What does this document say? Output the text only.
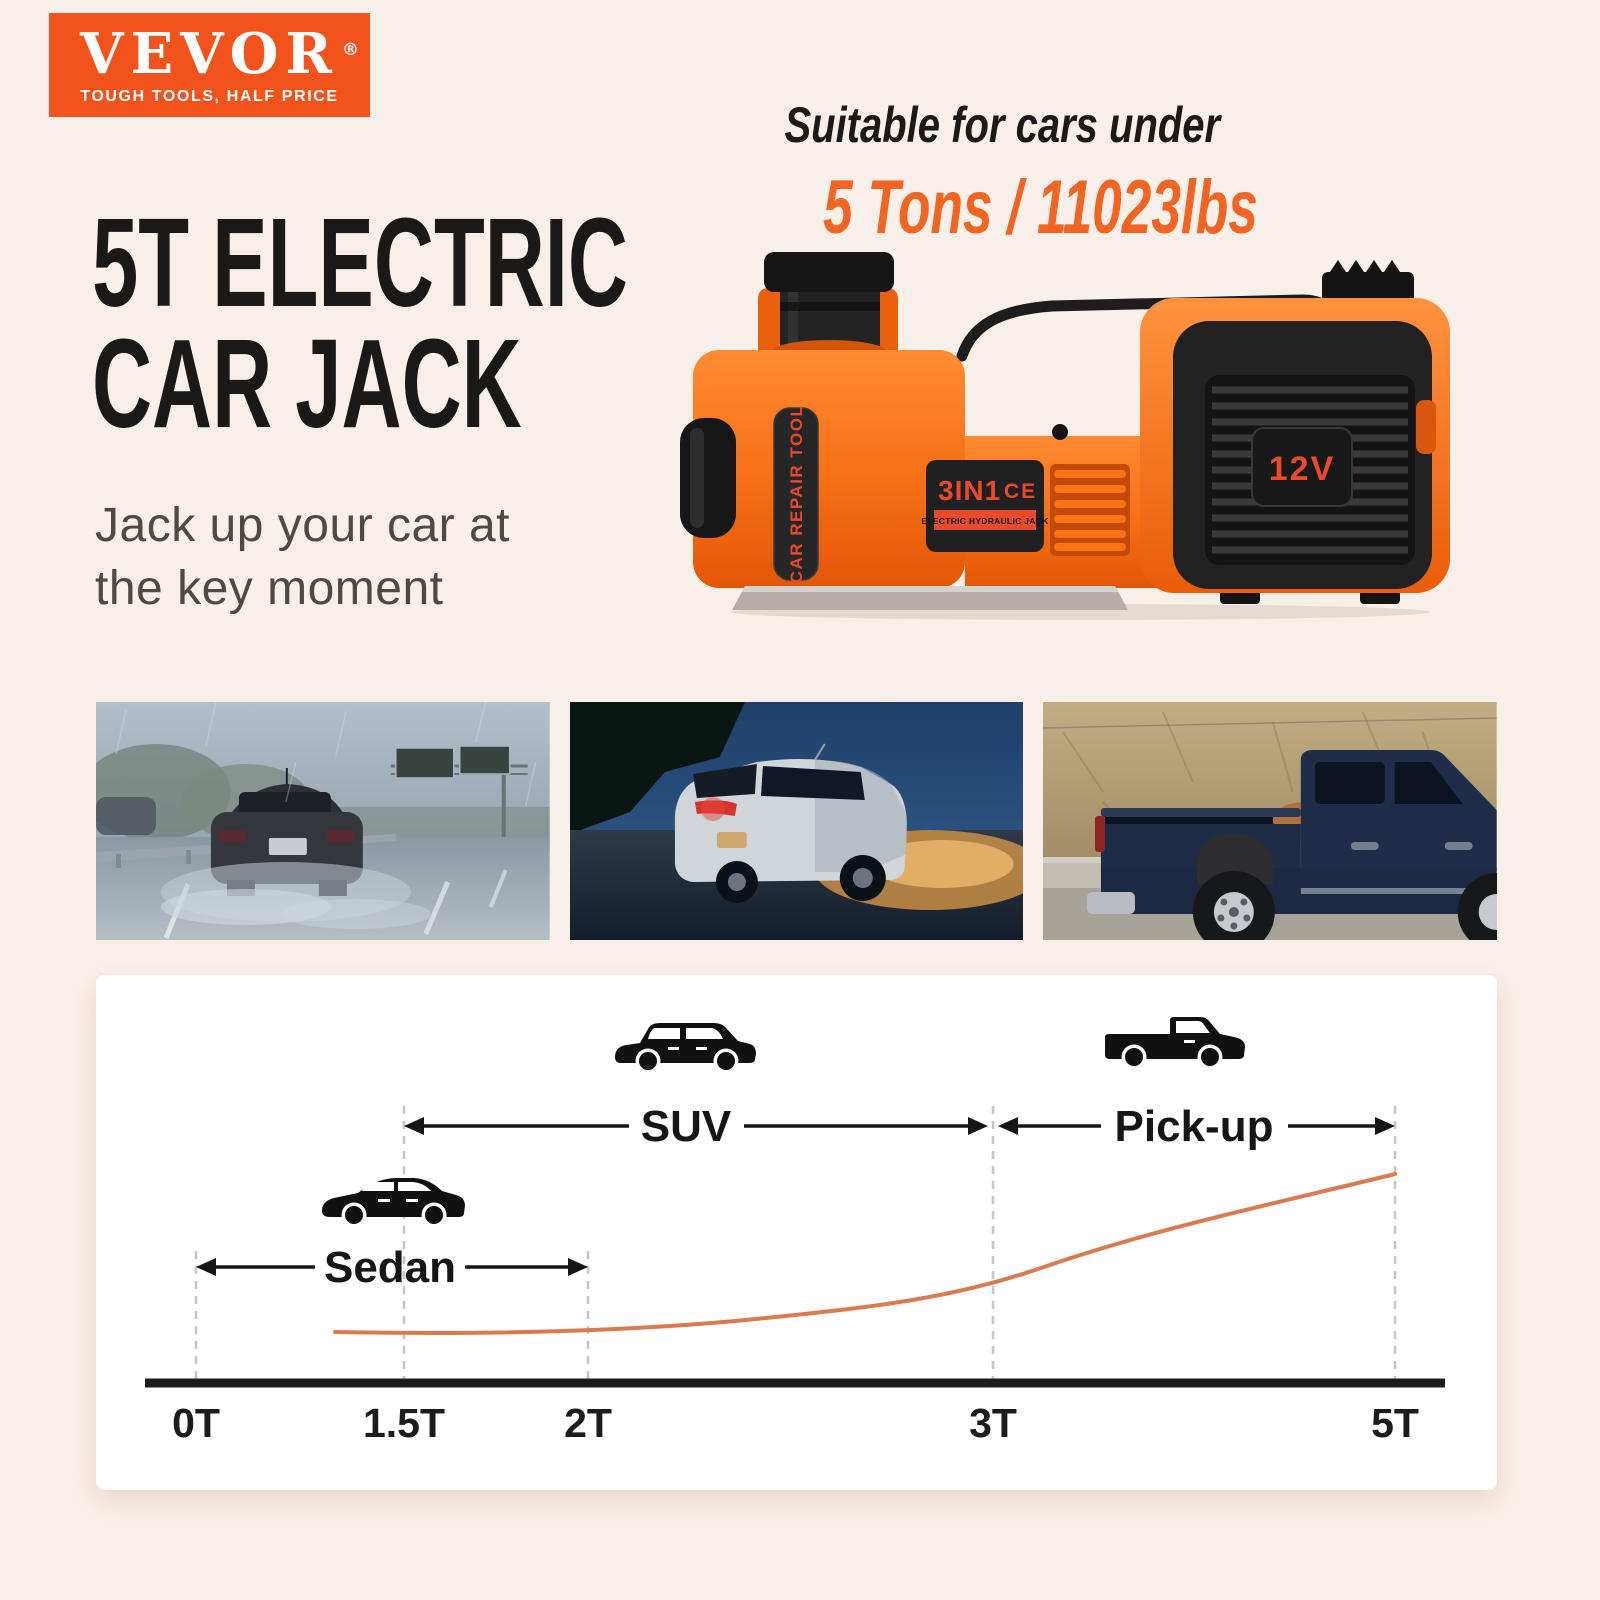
VEVOR ®
TOUGH TOOLS, HALF PRICE
Suitable for cars under
5 Tons / 11023lbs
5T ELECTRIC
CAR JACK
Jack up your car at
the key moment
CAR REPAIR TOOL	3IN1 CE
ELECTRIC HYDRAULIC JACK
12V
SUV	Pick-up
Sedan
0T	1.5T	2T	3T	5T
